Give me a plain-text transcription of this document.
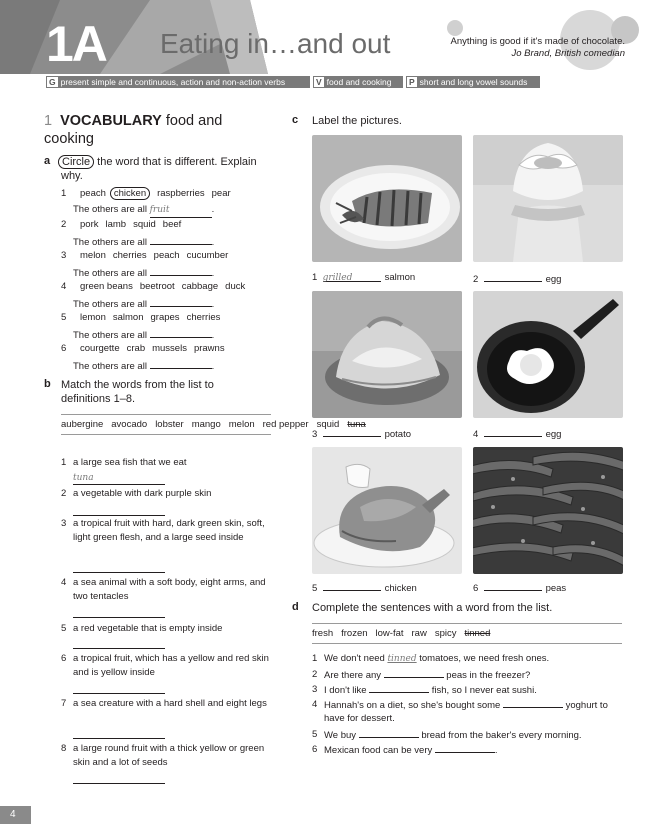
1A Eating in…and out	Anything is good if it's made of chocolate.
Jo Brand, British comedian
G present simple and continuous, action and non-action verbs	V food and cooking	P short and long vowel sounds
1 VOCABULARY food and cooking
a Circle the word that is different. Explain why.
1 peach chicken raspberries pear
The others are all fruit	.
2 pork lamb squid beef
The others are all	.
3 melon cherries peach cucumber
The others are all	.
4 green beans beetroot cabbage duck
The others are all	.
5 lemon salmon grapes cherries
The others are all	.
6 courgette crab mussels prawns
The others are all	.
b Match the words from the list to definitions 1–8.
aubergine avocado lobster mango melon red pepper squid tuna
1 a large sea fish that we eat
tuna
2 a vegetable with dark purple skin
3 a tropical fruit with hard, dark green skin, soft, light green flesh, and a large seed inside
4 a sea animal with a soft body, eight arms, and two tentacles
5 a red vegetable that is empty inside
6 a tropical fruit, which has a yellow and red skin and is yellow inside
7 a sea creature with a hard shell and eight legs
8 a large round fruit with a thick yellow or green skin and a lot of seeds
c Label the pictures.
1 grilled	salmon	2	egg
3	potato	4	egg
5	chicken	6	peas
d Complete the sentences with a word from the list.
fresh frozen low-fat raw spicy tinned
1 We don't need tinned tomatoes, we need fresh ones.
2 Are there any	peas in the freezer?
3 I don't like	fish, so I never eat sushi.
4 Hannah's on a diet, so she's bought some	yoghurt to have for dessert.
5 We buy	bread from the baker's every morning.
6 Mexican food can be very	.
4
